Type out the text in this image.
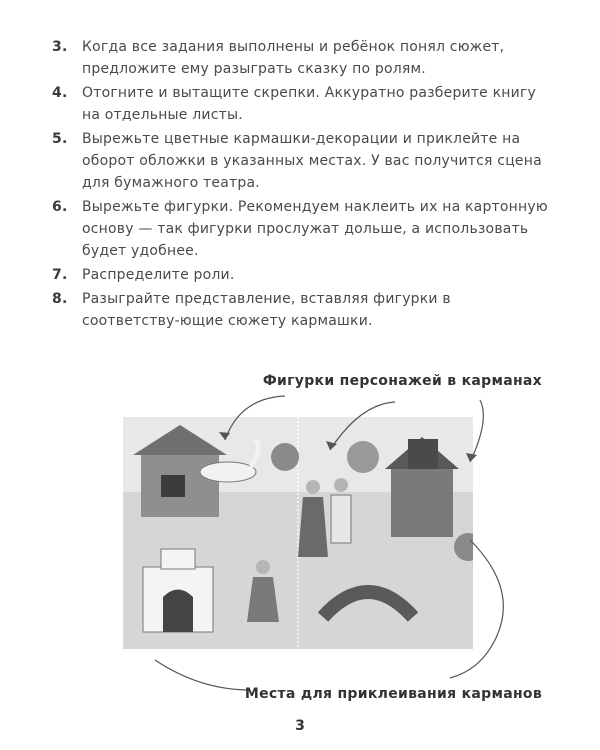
3. Когда все задания выполнены и ребёнок понял сюжет, предложите ему разыграть сказку по ролям.
4. Отогните и вытащите скрепки. Аккуратно разберите книгу на отдельные листы.
5. Вырежьте цветные кармашки-декорации и приклейте на оборот обложки в указанных местах. У вас получится сцена для бумажного театра.
6. Вырежьте фигурки. Рекомендуем наклеить их на картонную основу — так фигурки прослужат дольше, а использовать будет удобнее.
7. Распределите роли.
8. Разыграйте представление, вставляя фигурки в соответству-ющие сюжету кармашки.
Фигурки персонажей в карманах
Места для приклеивания карманов
3
